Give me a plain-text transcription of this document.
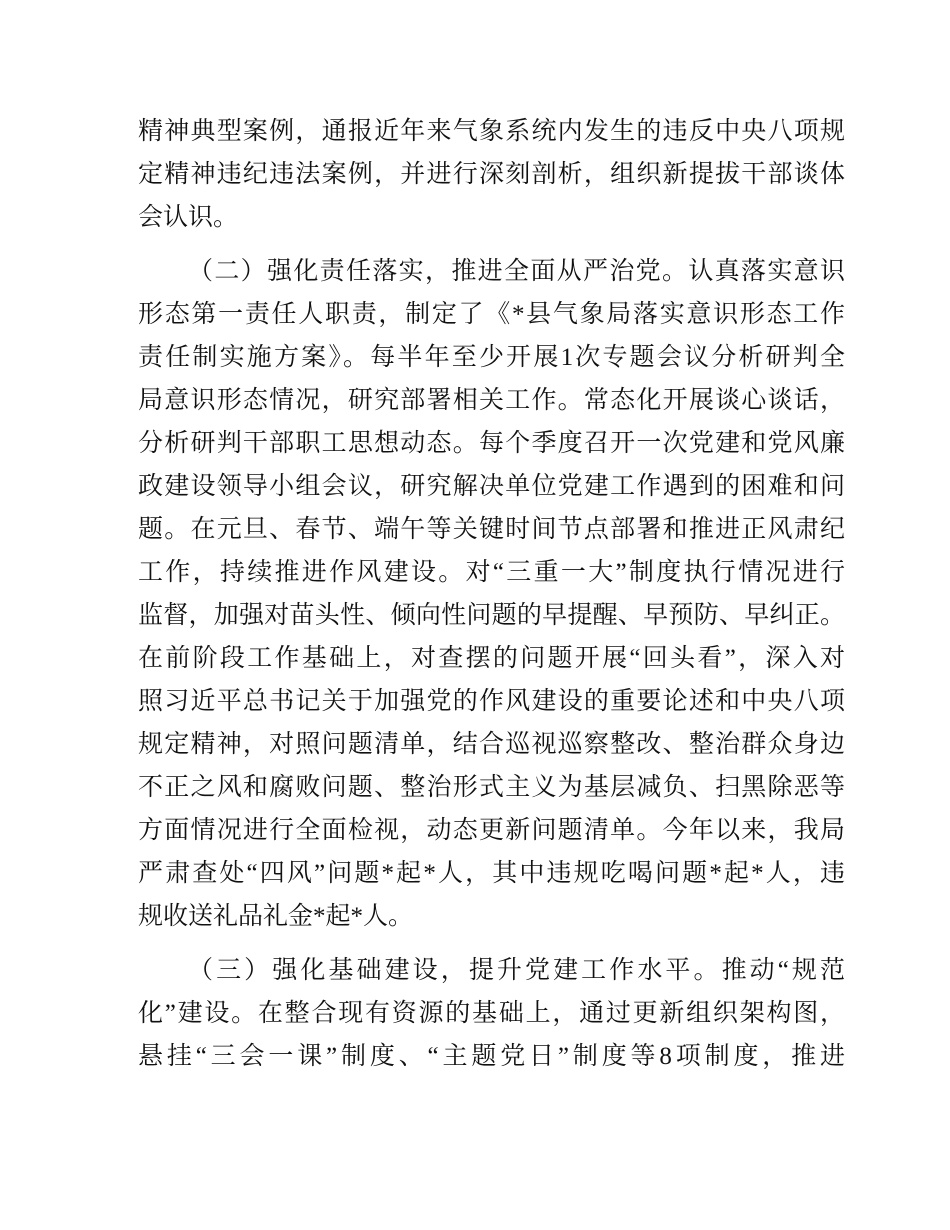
精神典型案例，通报近年来气象系统内发生的违反中央八项规
定精神违纪违法案例，并进行深刻剖析，组织新提拔干部谈体
会认识。
（二）强化责任落实，推进全面从严治党。认真落实意识
形态第一责任人职责，制定了《*县气象局落实意识形态工作
责任制实施方案》。每半年至少开展1次专题会议分析研判全
局意识形态情况，研究部署相关工作。常态化开展谈心谈话，
分析研判干部职工思想动态。每个季度召开一次党建和党风廉
政建设领导小组会议，研究解决单位党建工作遇到的困难和问
题。在元旦、春节、端午等关键时间节点部署和推进正风肃纪
工作，持续推进作风建设。对“三重一大”制度执行情况进行
监督，加强对苗头性、倾向性问题的早提醒、早预防、早纠正。
在前阶段工作基础上，对查摆的问题开展“回头看”，深入对
照习近平总书记关于加强党的作风建设的重要论述和中央八项
规定精神，对照问题清单，结合巡视巡察整改、整治群众身边
不正之风和腐败问题、整治形式主义为基层减负、扫黑除恶等
方面情况进行全面检视，动态更新问题清单。今年以来，我局
严肃查处“四风”问题*起*人，其中违规吃喝问题*起*人，违
规收送礼品礼金*起*人。
（三）强化基础建设，提升党建工作水平。推动“规范
化”建设。在整合现有资源的基础上，通过更新组织架构图，
悬挂“三会一课”制度、“主题党日”制度等8项制度，推进
